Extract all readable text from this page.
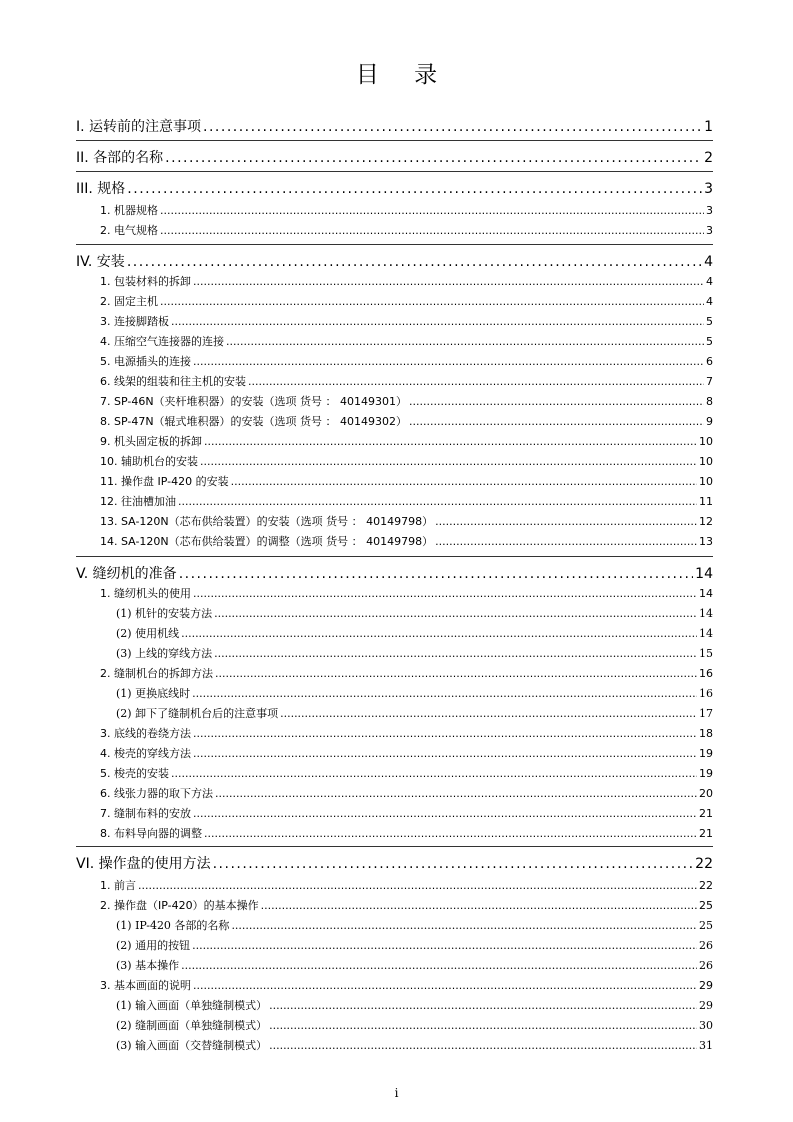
目 录
I. 运转前的注意事项 .....	1
II. 各部的名称 .....	2
III. 规格 .....	3
1. 机器规格 .....	3
2. 电气规格 .....	3
IV. 安装 .....	4
1. 包装材料的拆卸 .....	4
2. 固定主机 .....	4
3. 连接脚踏板 .....	5
4. 压缩空气连接器的连接 .....	5
5. 电源插头的连接 .....	6
6. 线架的组装和往主机的安装 .....	7
7. SP-46N（夹杆堆积器）的安装（选项 货号 ： 40149301） .....	8
8. SP-47N（辊式堆积器）的安装（选项 货号 ： 40149302） .....	9
9. 机头固定板的拆卸 .....	10
10. 辅助机台的安装 .....	10
11. 操作盘 IP-420 的安装 .....	10
12. 往油槽加油 .....	11
13. SA-120N（芯布供给装置）的安装（选项 货号 ： 40149798） .....	12
14. SA-120N（芯布供给装置）的调整（选项 货号 ： 40149798） .....	13
V. 缝纫机的准备 .....	14
1. 缝纫机头的使用 .....	14
(1) 机针的安装方法 .....	14
(2) 使用机线 .....	14
(3) 上线的穿线方法 .....	15
2. 缝制机台的拆卸方法 .....	16
(1) 更换底线时 .....	16
(2) 卸下了缝制机台后的注意事项 .....	17
3. 底线的卷绕方法 .....	18
4. 梭壳的穿线方法 .....	19
5. 梭壳的安装 .....	19
6. 线张力器的取下方法 .....	20
7. 缝制布料的安放 .....	21
8. 布料导向器的调整 .....	21
VI. 操作盘的使用方法 .....	22
1. 前言 .....	22
2. 操作盘（IP-420）的基本操作 .....	25
(1) IP-420 各部的名称 .....	25
(2) 通用的按钮 .....	26
(3) 基本操作 .....	26
3. 基本画面的说明 .....	29
(1) 输入画面（单独缝制模式） .....	29
(2) 缝制画面（单独缝制模式） .....	30
(3) 输入画面（交替缝制模式） .....	31
i
